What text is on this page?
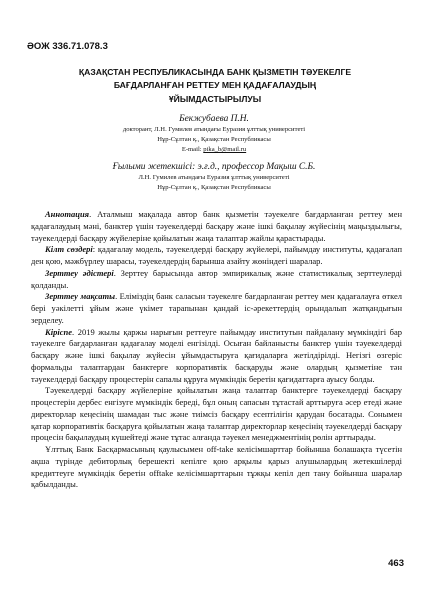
ӘОЖ 336.71.078.3
ҚАЗАҚСТАН РЕСПУБЛИКАСЫНДА БАНК ҚЫЗМЕТІН ТӘУЕКЕЛГЕ
БАҒДАРЛАНҒАН РЕТТЕУ МЕН ҚАДАҒАЛАУДЫҢ
ҰЙЫМДАСТЫРЫЛУЫ
Бекжубаева П.Н.
докторант, Л.Н. Гумилев атындағы Еуразия ұлттық университеті
Нұр-Сұлтан қ., Қазақстан Республикасы
E-mail: pika_b@mail.ru
Ғылыми жетекшісі: э.ғ.д., профессор Мақыш С.Б.
Л.Н. Гумилев атындағы Еуразия ұлттық университеті
Нұр-Сұлтан қ., Қазақстан Республикасы

Аннотация. Аталмыш мақалада автор банк қызметін тәуекелге бағдарланған реттеу мен қадағалаудың мәні, банктер үшін тәуекелдерді басқару және ішкі бақылау жүйесінің маңыздылығы, тәуекелдерді басқару жүйелеріне қойылатын жаңа талаптар жайлы қарастырады.

Кілт сөздері: қадағалау модель, тәуекелдерді басқару жүйелері, пайымдау институты, қадағалап ден қою, мәжбүрлеу шарасы, тәуекелдердің барынша азайту жөніндегі шаралар.

Зерттеу әдістері. Зерттеу барысында автор эмпирикалық және статистикалық зерттеулерді қолданды.

Зерттеу мақсаты. Еліміздің банк саласын тәуекелге бағдарланған реттеу мен қадағалауға өткел бері уәкілетті ұйым және үкімет тарапынан қандай іс-әрекеттердің орындалып жатқандығын зерделеу.

Кіріспе. 2019 жылы қаржы нарығын реттеуге пайымдау институтын пайдалану мүмкіндігі бар тәуекелге бағдарланған қадағалау моделі енгізілді. Осыған байланысты банктер үшін тәуекелдерді басқару және ішкі бақылау жүйесін ұйымдастыруға қағидаларға жетілдірілді. Негізгі өзгеріс формальды талаптардан банктерге корпоративтік басқаруды және олардың қызметіне тән тәуекелдерді басқару процестерін сапалы құруға мүмкіндік беретін қағидаттарға ауысу болды.

Тәуекелдерді басқару жүйелеріне қойылатын жаңа талаптар банктерге тәуекелдерді басқару процестерін дербес енгізуге мүмкіндік береді, бұл оның сапасын тұтастай арттыруға әсер етеді және директорлар кеңесінің шамадан тыс және тиімсіз басқару есептілігін қарудан босатады. Сонымен қатар корпоративтік басқаруға қойылатын жаңа талаптар директорлар кеңесінің тәуекелдерді басқару процесін бақылаудың күшейтеді және тұтас алғанда тәуекел менеджментінің рөлін арттырады.

Ұлттық Банк Басқармасының қаулысымен off-take келісімшарттар бойынша болашақта түсетін ақша түрінде дебиторлық берешекті кепілге қою арқылы қарыз алушылардың жетекшілерді кредиттеуге мүмкіндік беретін offtake келісімшарттарын тұжқы кепіл деп тану бойынша шаралар қабылданды.

463
